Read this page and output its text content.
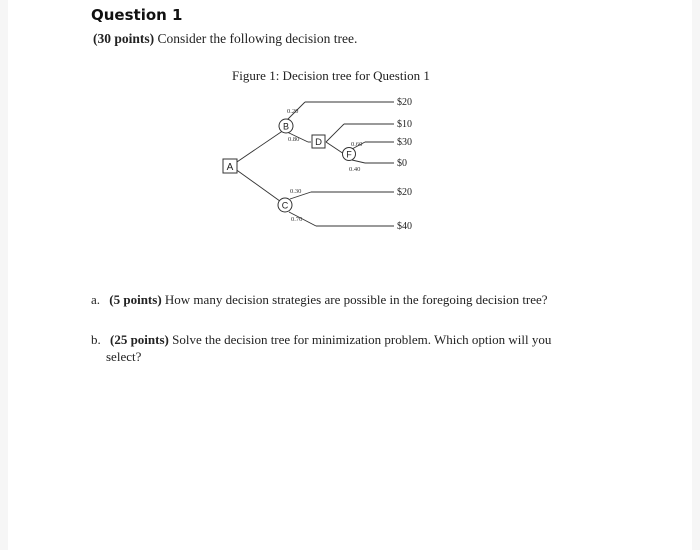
Question 1
(30 points) Consider the following decision tree.
Figure 1: Decision tree for Question 1
A
B
D
F
C
0.20
0.80
0.60
0.40
0.30
0.70
$20
$10
$30
$0
$20
$40
a. (5 points) How many decision strategies are possible in the foregoing decision tree?
b. (25 points) Solve the decision tree for minimization problem. Which option will you
select?
